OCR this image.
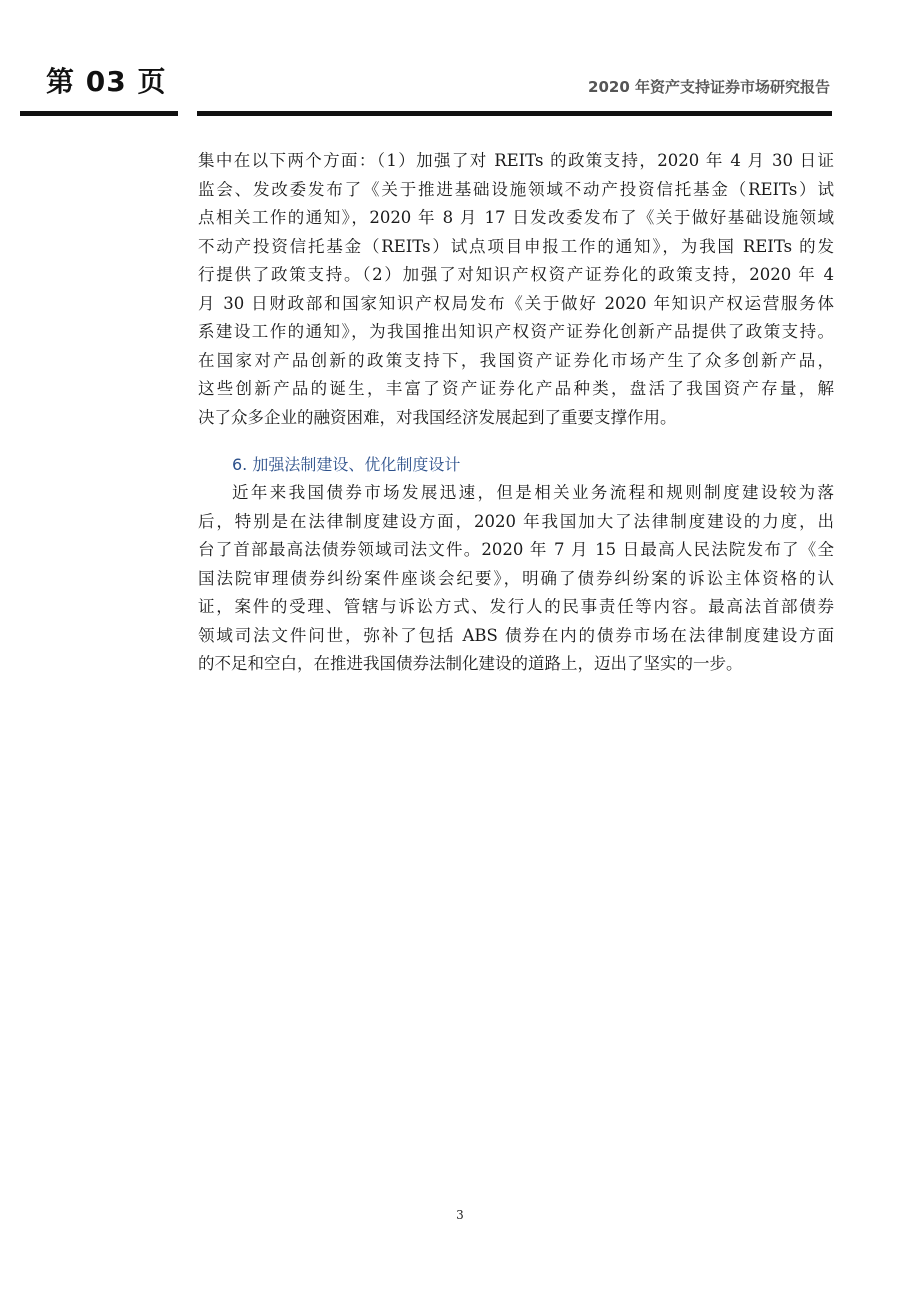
第 03 页	2020 年资产支持证券市场研究报告
集中在以下两个方面：（1）加强了对 REITs 的政策支持，2020 年 4 月 30 日证
监会、发改委发布了《关于推进基础设施领域不动产投资信托基金（REITs）试
点相关工作的通知》，2020 年 8 月 17 日发改委发布了《关于做好基础设施领域
不动产投资信托基金（REITs）试点项目申报工作的通知》，为我国 REITs 的发
行提供了政策支持。（2）加强了对知识产权资产证券化的政策支持，2020 年 4
月 30 日财政部和国家知识产权局发布《关于做好 2020 年知识产权运营服务体
系建设工作的通知》，为我国推出知识产权资产证券化创新产品提供了政策支持。
在国家对产品创新的政策支持下，我国资产证券化市场产生了众多创新产品，
这些创新产品的诞生，丰富了资产证券化产品种类，盘活了我国资产存量，解
决了众多企业的融资困难，对我国经济发展起到了重要支撑作用。
6. 加强法制建设、优化制度设计
近年来我国债券市场发展迅速，但是相关业务流程和规则制度建设较为落
后，特别是在法律制度建设方面，2020 年我国加大了法律制度建设的力度，出
台了首部最高法债券领域司法文件。2020 年 7 月 15 日最高人民法院发布了《全
国法院审理债券纠纷案件座谈会纪要》，明确了债券纠纷案的诉讼主体资格的认
证，案件的受理、管辖与诉讼方式、发行人的民事责任等内容。最高法首部债券
领域司法文件问世，弥补了包括 ABS 债券在内的债券市场在法律制度建设方面
的不足和空白，在推进我国债券法制化建设的道路上，迈出了坚实的一步。
3
